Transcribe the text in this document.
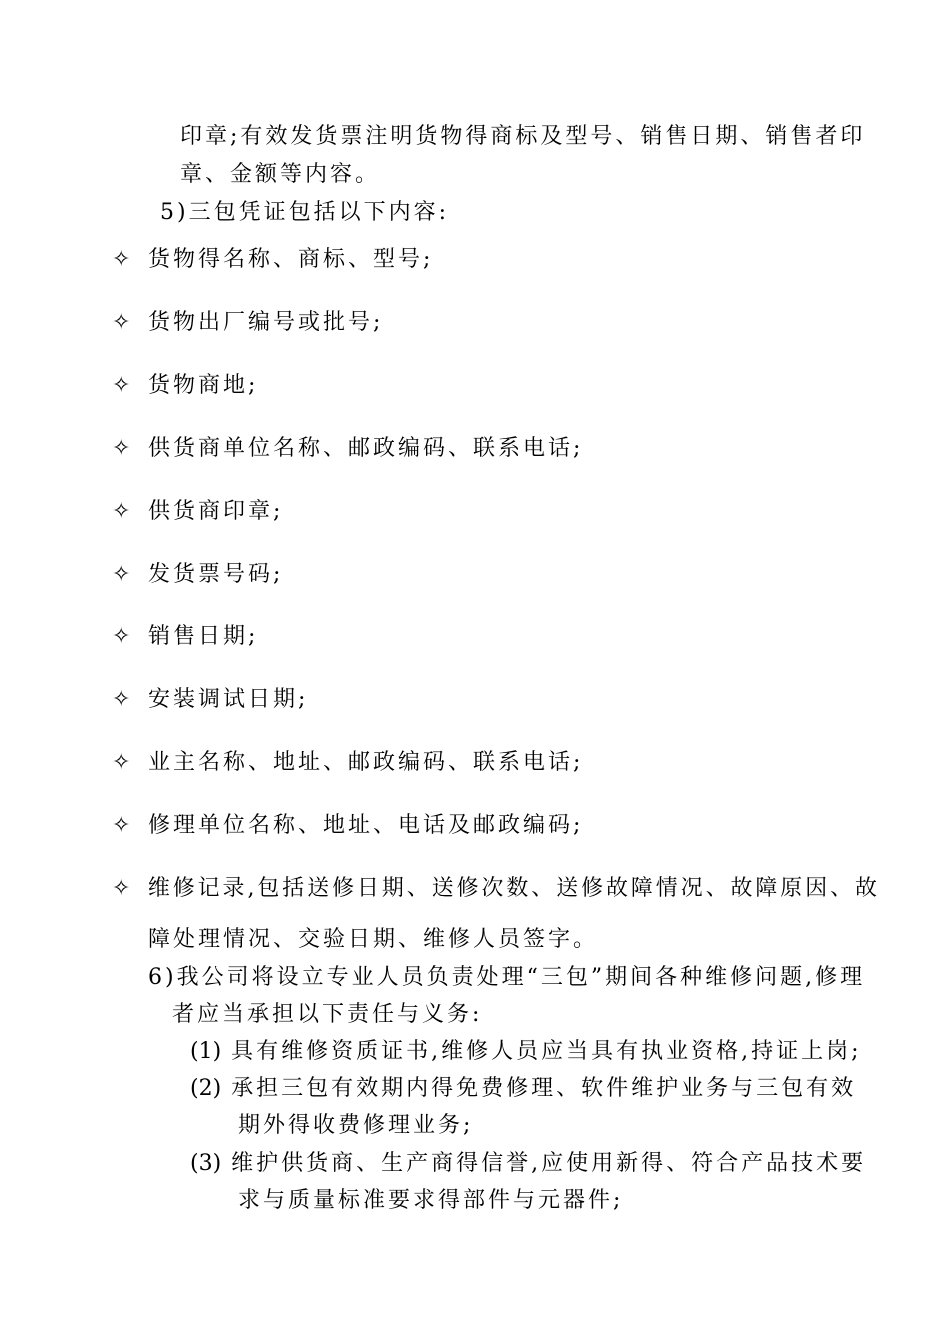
印章;有效发货票注明货物得商标及型号、销售日期、销售者印
章、金额等内容。
5)三包凭证包括以下内容:
✧ 货物得名称、商标、型号;
✧ 货物出厂编号或批号;
✧ 货物商地;
✧ 供货商单位名称、邮政编码、联系电话;
✧ 供货商印章;
✧ 发货票号码;
✧ 销售日期;
✧ 安装调试日期;
✧ 业主名称、地址、邮政编码、联系电话;
✧ 修理单位名称、地址、电话及邮政编码;
✧ 维修记录,包括送修日期、送修次数、送修故障情况、故障原因、故
障处理情况、交验日期、维修人员签字。
6)我公司将设立专业人员负责处理“三包”期间各种维修问题,修理
者应当承担以下责任与义务:
(1) 具有维修资质证书,维修人员应当具有执业资格,持证上岗;
(2) 承担三包有效期内得免费修理、软件维护业务与三包有效
期外得收费修理业务;
(3) 维护供货商、生产商得信誉,应使用新得、符合产品技术要
求与质量标准要求得部件与元器件;
